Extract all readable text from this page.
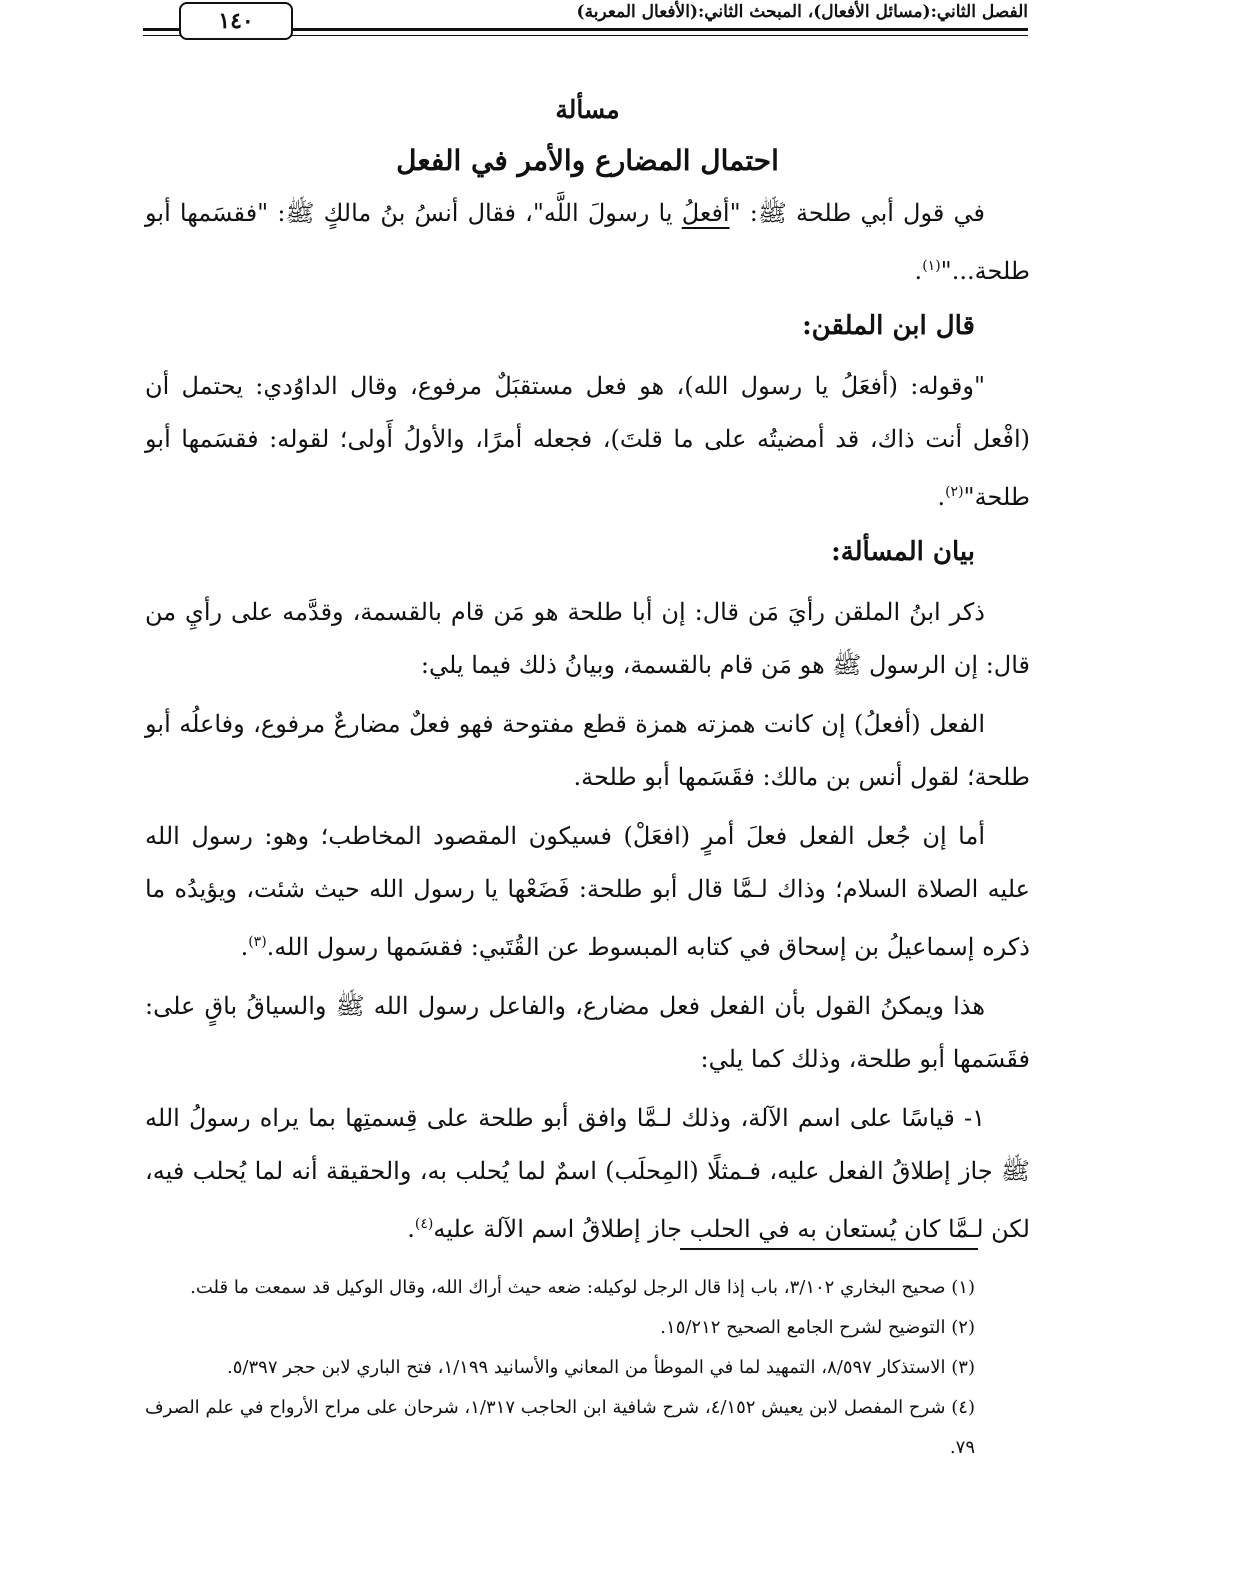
١٤٠	الفصل الثاني:(مسائل الأفعال)، المبحث الثاني:(الأفعال المعربة)
مسألة
احتمال المضارع والأمر في الفعل

في قول أبي طلحة ﷺ: "أفعلُ يا رسولَ اللَّه"، فقال أنسُ بنُ مالكٍ ﷺ: "فقسَمها أبو طلحة..."$^{(١)}$.

قال ابن الملقن:

"وقوله: (أفعَلُ يا رسول الله)، هو فعل مستقبَلٌ مرفوع، وقال الداوُدي: يحتمل أن (افْعل أنت ذاك، قد أمضيتُه على ما قلتَ)، فجعله أمرًا، والأولُ أَولى؛ لقوله: فقسَمها أبو طلحة"$^{(٢)}$.

بيان المسألة:

ذكر ابنُ الملقن رأيَ مَن قال: إن أبا طلحة هو مَن قام بالقسمة، وقدَّمه على رأيِ من قال: إن الرسول ﷺ هو مَن قام بالقسمة، وبيانُ ذلك فيما يلي:

الفعل (أفعلُ) إن كانت همزته همزة قطع مفتوحة فهو فعلٌ مضارعٌ مرفوع، وفاعلُه أبو طلحة؛ لقول أنس بن مالك: فقَسَمها أبو طلحة.

أما إن جُعل الفعل فعلَ أمرٍ (افعَلْ) فسيكون المقصود المخاطب؛ وهو: رسول الله عليه الصلاة السلام؛ وذاك لـمَّا قال أبو طلحة: فَضَعْها يا رسول الله حيث شئت، ويؤيدُه ما ذكره إسماعيلُ بن إسحاق في كتابه المبسوط عن القُتَبي: فقسَمها رسول الله.$^{(٣)}$.

هذا ويمكنُ القول بأن الفعل فعل مضارع، والفاعل رسول الله ﷺ والسياقُ باقٍ على: فقَسَمها أبو طلحة، وذلك كما يلي:

١- قياسًا على اسم الآلة، وذلك لـمَّا وافق أبو طلحة على قِسمتِها بما يراه رسولُ الله ﷺ جاز إطلاقُ الفعل عليه، فـمثلًا (المِحلَب) اسمٌ لما يُحلب به، والحقيقة أنه لما يُحلب فيه، لكن لـمَّا كان يُستعان به في الحلب جاز إطلاقُ اسم الآلة عليه$^{(٤)}$.

(١) صحيح البخاري ٣/١٠٢، باب إذا قال الرجل لوكيله: ضعه حيث أراك الله، وقال الوكيل قد سمعت ما قلت.

(٢) التوضيح لشرح الجامع الصحيح ١٥/٢١٢.

(٣) الاستذكار ٨/٥٩٧، التمهيد لما في الموطأ من المعاني والأسانيد ١/١٩٩، فتح الباري لابن حجر ٥/٣٩٧.

(٤) شرح المفصل لابن يعيش ٤/١٥٢، شرح شافية ابن الحاجب ١/٣١٧، شرحان على مراح الأرواح في علم الصرف ٧٩.
